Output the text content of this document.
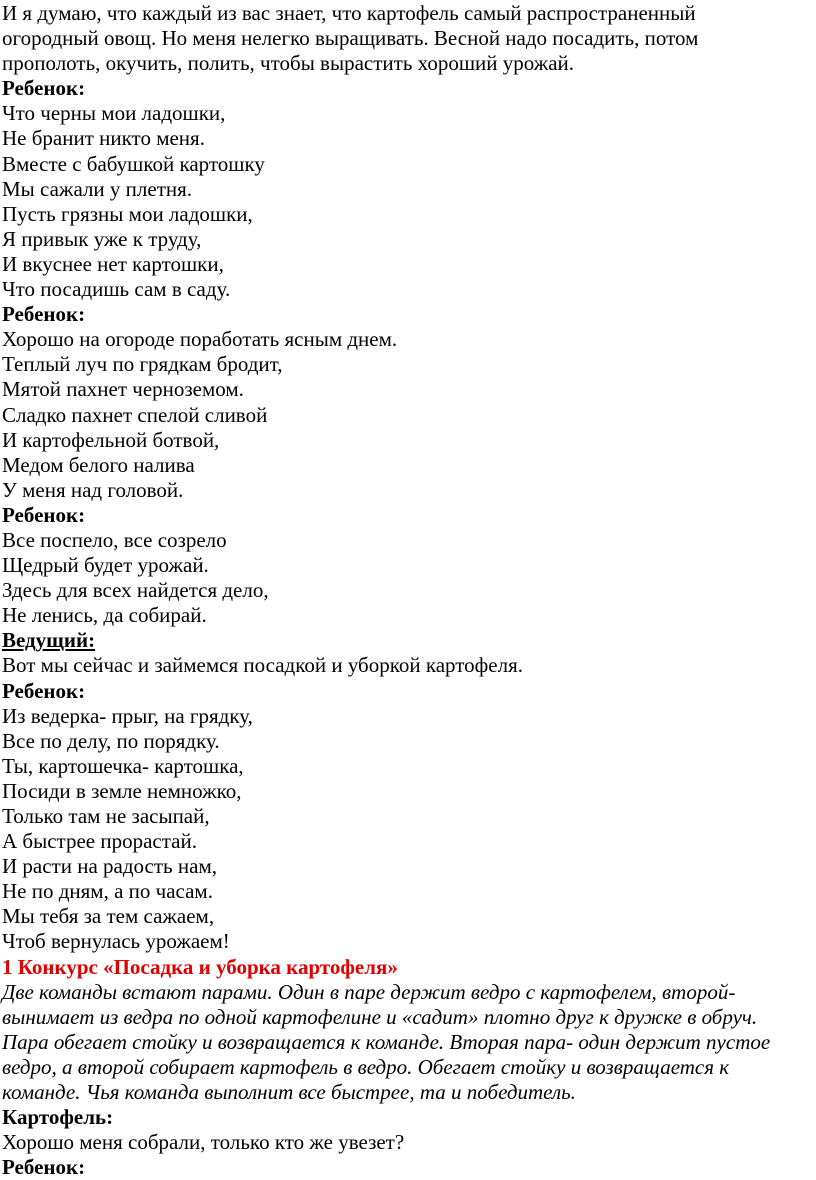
И я думаю, что каждый из вас знает, что картофель самый распространенный
огородный овощ. Но меня нелегко выращивать. Весной надо посадить, потом
прополоть, окучить, полить, чтобы вырастить хороший урожай.
Ребенок:
Что черны мои ладошки,
Не бранит никто меня.
Вместе с бабушкой картошку
Мы сажали у плетня.
Пусть грязны мои ладошки,
Я привык уже к труду,
И вкуснее нет картошки,
Что посадишь сам в саду.
Ребенок:
Хорошо на огороде поработать ясным днем.
Теплый луч по грядкам бродит,
Мятой пахнет черноземом.
Сладко пахнет спелой сливой
И картофельной ботвой,
Медом белого налива
У меня над головой.
Ребенок:
Все поспело, все созрело
Щедрый будет урожай.
Здесь для всех найдется дело,
Не ленись, да собирай.
Ведущий:
Вот мы сейчас и займемся посадкой и уборкой картофеля.
Ребенок:
Из ведерка- прыг, на грядку,
Все по делу, по порядку.
Ты, картошечка- картошка,
Посиди в земле немножко,
Только там не засыпай,
А быстрее прорастай.
И расти на радость нам,
Не по дням, а по часам.
Мы тебя за тем сажаем,
Чтоб вернулась урожаем!
1 Конкурс «Посадка и уборка картофеля»
Две команды встают парами. Один в паре держит ведро с картофелем, второй-
вынимает из ведра по одной картофелине и «садит» плотно друг к дружке в обруч.
Пара обегает стойку и возвращается к команде. Вторая пара- один держит пустое
ведро, а второй собирает картофель в ведро. Обегает стойку и возвращается к
команде. Чья команда выполнит все быстрее, та и победитель.
Картофель:
Хорошо меня собрали, только кто же увезет?
Ребенок:
